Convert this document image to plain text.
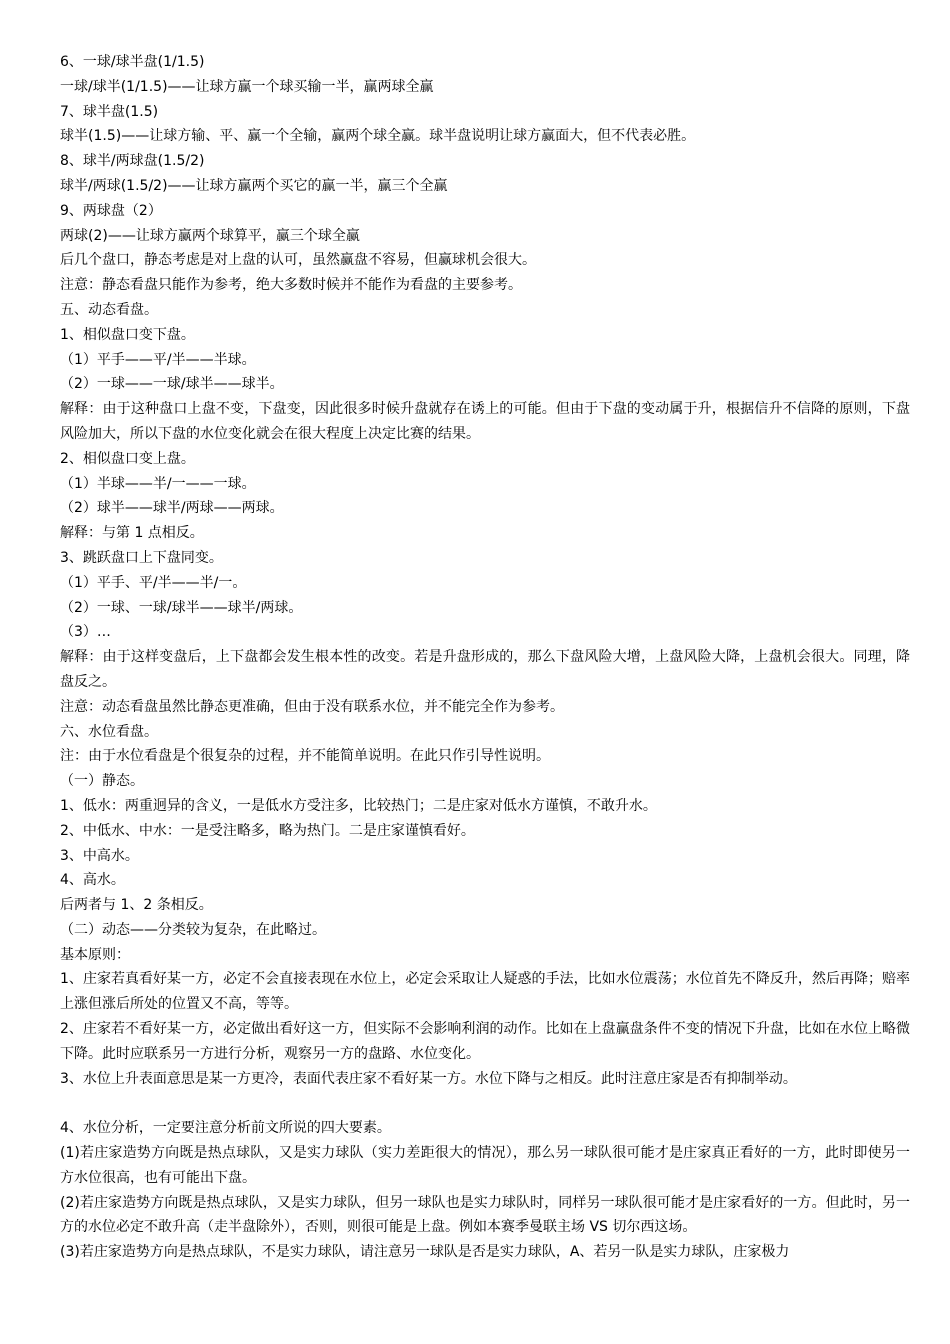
6、一球/球半盘(1/1.5)
一球/球半(1/1.5)——让球方赢一个球买输一半，赢两球全赢
7、球半盘(1.5)
球半(1.5)——让球方输、平、赢一个全输，赢两个球全赢。球半盘说明让球方赢面大，但不代表必胜。
8、球半/两球盘(1.5/2)
球半/两球(1.5/2)——让球方赢两个买它的赢一半，赢三个全赢
9、两球盘（2）
两球(2)——让球方赢两个球算平，赢三个球全赢
后几个盘口，静态考虑是对上盘的认可，虽然赢盘不容易，但赢球机会很大。
注意：静态看盘只能作为参考，绝大多数时候并不能作为看盘的主要参考。
五、动态看盘。
1、相似盘口变下盘。
（1）平手——平/半——半球。
（2）一球——一球/球半——球半。
解释：由于这种盘口上盘不变，下盘变，因此很多时候升盘就存在诱上的可能。但由于下盘的变动属于升，根据信升不信降的原则，下盘风险加大，所以下盘的水位变化就会在很大程度上决定比赛的结果。
2、相似盘口变上盘。
（1）半球——半/一——一球。
（2）球半——球半/两球——两球。
解释：与第 1 点相反。
3、跳跃盘口上下盘同变。
（1）平手、平/半——半/一。
（2）一球、一球/球半——球半/两球。
（3）…
解释：由于这样变盘后，上下盘都会发生根本性的改变。若是升盘形成的，那么下盘风险大增，上盘风险大降，上盘机会很大。同理，降盘反之。
注意：动态看盘虽然比静态更准确，但由于没有联系水位，并不能完全作为参考。
六、水位看盘。
注：由于水位看盘是个很复杂的过程，并不能简单说明。在此只作引导性说明。
（一）静态。
1、低水：两重迥异的含义，一是低水方受注多，比较热门；二是庄家对低水方谨慎，不敢升水。
2、中低水、中水：一是受注略多，略为热门。二是庄家谨慎看好。
3、中高水。
4、高水。
后两者与 1、2 条相反。
（二）动态——分类较为复杂，在此略过。
基本原则：
1、庄家若真看好某一方，必定不会直接表现在水位上，必定会采取让人疑惑的手法，比如水位震荡；水位首先不降反升，然后再降；赔率上涨但涨后所处的位置又不高，等等。
2、庄家若不看好某一方，必定做出看好这一方，但实际不会影响利润的动作。比如在上盘赢盘条件不变的情况下升盘，比如在水位上略微下降。此时应联系另一方进行分析，观察另一方的盘路、水位变化。
3、水位上升表面意思是某一方更冷，表面代表庄家不看好某一方。水位下降与之相反。此时注意庄家是否有抑制举动。
4、水位分析，一定要注意分析前文所说的四大要素。
(1)若庄家造势方向既是热点球队，又是实力球队（实力差距很大的情况），那么另一球队很可能才是庄家真正看好的一方，此时即使另一方水位很高，也有可能出下盘。
(2)若庄家造势方向既是热点球队，又是实力球队，但另一球队也是实力球队时，同样另一球队很可能才是庄家看好的一方。但此时，另一方的水位必定不敢升高（走半盘除外），否则，则很可能是上盘。例如本赛季曼联主场 VS 切尔西这场。
(3)若庄家造势方向是热点球队，不是实力球队，请注意另一球队是否是实力球队，A、若另一队是实力球队，庄家极力
